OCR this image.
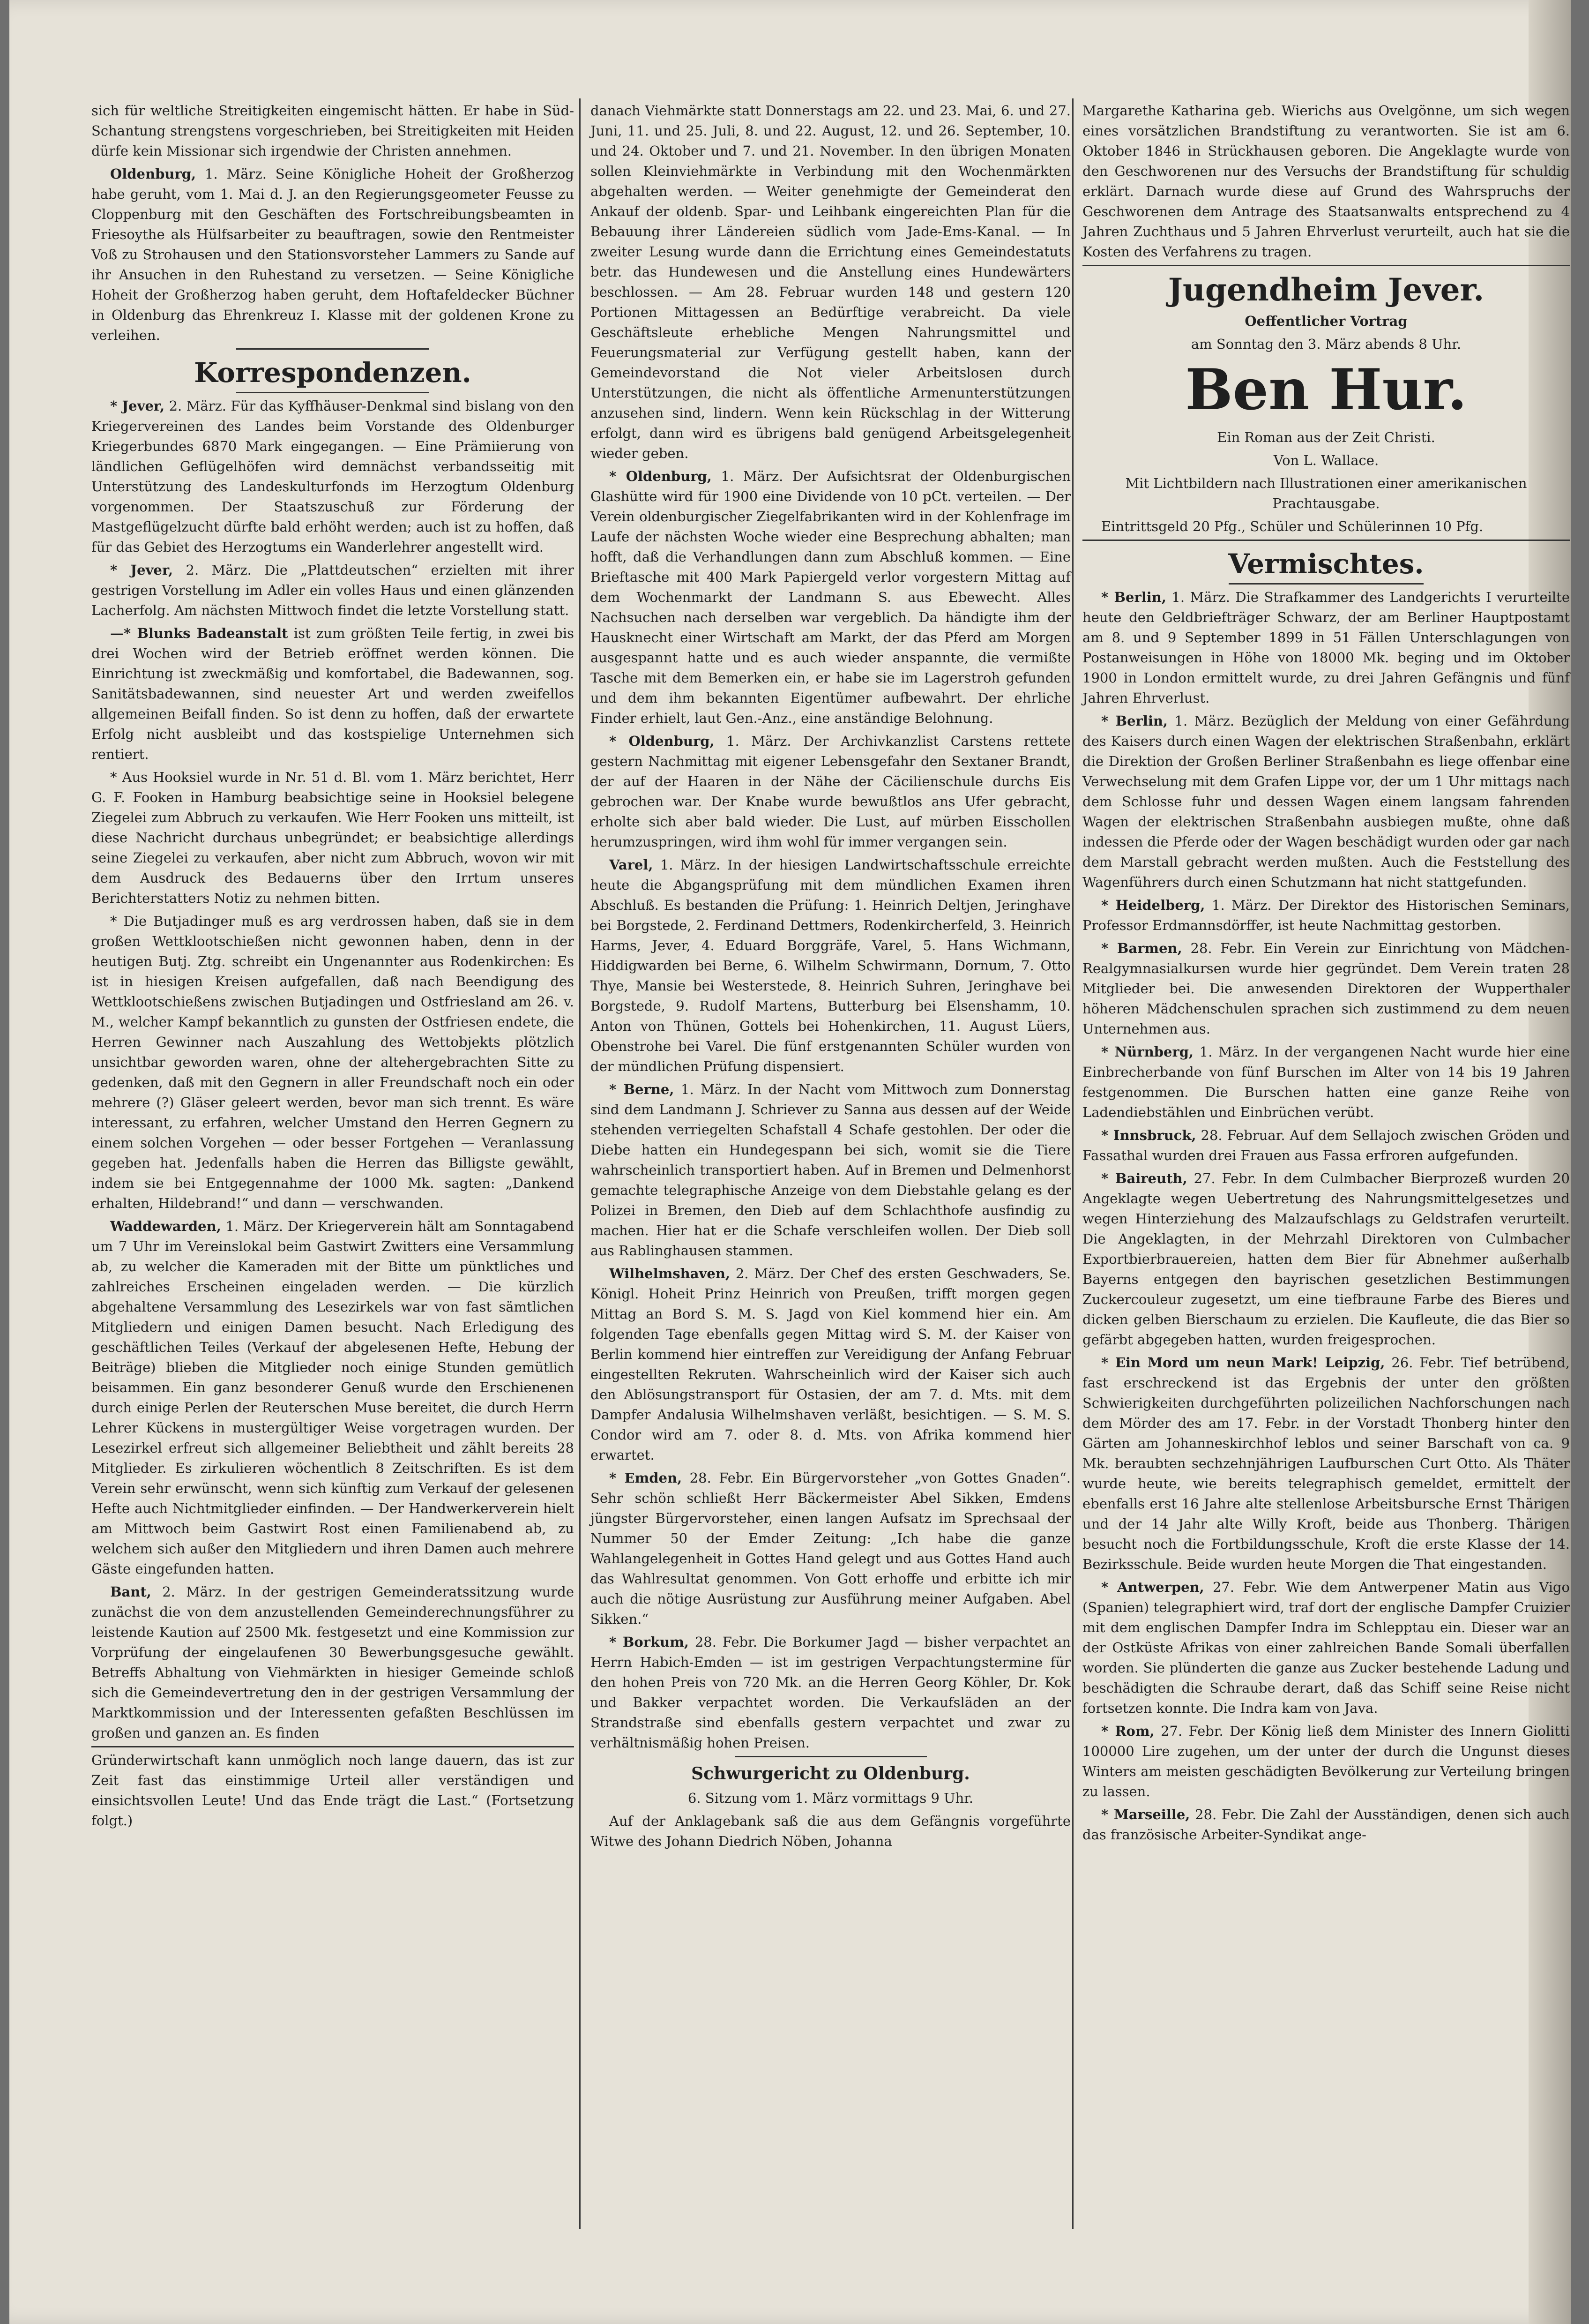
sich für weltliche Streitigkeiten eingemischt hätten. Er habe in Süd-Schantung strengstens vorgeschrieben, bei Streitigkeiten mit Heiden dürfe kein Missionar sich irgendwie der Christen annehmen.

Oldenburg, 1. März. Seine Königliche Hoheit der Großherzog habe geruht, vom 1. Mai d. J. an den Regierungsgeometer Feusse zu Cloppenburg mit den Geschäften des Fortschreibungsbeamten in Friesoythe als Hülfsarbeiter zu beauftragen, sowie den Rentmeister Voß zu Strohausen und den Stationsvorsteher Lammers zu Sande auf ihr Ansuchen in den Ruhestand zu versetzen. — Seine Königliche Hoheit der Großherzog haben geruht, dem Hoftafeldecker Büchner in Oldenburg das Ehrenkreuz I. Klasse mit der goldenen Krone zu verleihen.

Korrespondenzen.

* Jever, 2. März. Für das Kyffhäuser-Denkmal sind bislang von den Kriegervereinen des Landes beim Vorstande des Oldenburger Kriegerbundes 6870 Mark eingegangen. — Eine Prämiierung von ländlichen Geflügelhöfen wird demnächst verbandsseitig mit Unterstützung des Landeskulturfonds im Herzogtum Oldenburg vorgenommen. Der Staatszuschuß zur Förderung der Mastgeflügelzucht dürfte bald erhöht werden; auch ist zu hoffen, daß für das Gebiet des Herzogtums ein Wanderlehrer angestellt wird.

* Jever, 2. März. Die „Plattdeutschen“ erzielten mit ihrer gestrigen Vorstellung im Adler ein volles Haus und einen glänzenden Lacherfolg. Am nächsten Mittwoch findet die letzte Vorstellung statt.

—* Blunks Badeanstalt ist zum größten Teile fertig, in zwei bis drei Wochen wird der Betrieb eröffnet werden können. Die Einrichtung ist zweckmäßig und komfortabel, die Badewannen, sog. Sanitätsbadewannen, sind neuester Art und werden zweifellos allgemeinen Beifall finden. So ist denn zu hoffen, daß der erwartete Erfolg nicht ausbleibt und das kostspielige Unternehmen sich rentiert.

* Aus Hooksiel wurde in Nr. 51 d. Bl. vom 1. März berichtet, Herr G. F. Fooken in Hamburg beabsichtige seine in Hooksiel belegene Ziegelei zum Abbruch zu verkaufen. Wie Herr Fooken uns mitteilt, ist diese Nachricht durchaus unbegründet; er beabsichtige allerdings seine Ziegelei zu verkaufen, aber nicht zum Abbruch, wovon wir mit dem Ausdruck des Bedauerns über den Irrtum unseres Berichterstatters Notiz zu nehmen bitten.

* Die Butjadinger muß es arg verdrossen haben, daß sie in dem großen Wettklootschießen nicht gewonnen haben, denn in der heutigen Butj. Ztg. schreibt ein Ungenannter aus Rodenkirchen: Es ist in hiesigen Kreisen aufgefallen, daß nach Beendigung des Wettklootschießens zwischen Butjadingen und Ostfriesland am 26. v. M., welcher Kampf bekanntlich zu gunsten der Ostfriesen endete, die Herren Gewinner nach Auszahlung des Wettobjekts plötzlich unsichtbar geworden waren, ohne der altehergebrachten Sitte zu gedenken, daß mit den Gegnern in aller Freundschaft noch ein oder mehrere (?) Gläser geleert werden, bevor man sich trennt. Es wäre interessant, zu erfahren, welcher Umstand den Herren Gegnern zu einem solchen Vorgehen — oder besser Fortgehen — Veranlassung gegeben hat. Jedenfalls haben die Herren das Billigste gewählt, indem sie bei Entgegennahme der 1000 Mk. sagten: „Dankend erhalten, Hildebrand!“ und dann — verschwanden.

Waddewarden, 1. März. Der Kriegerverein hält am Sonntagabend um 7 Uhr im Vereinslokal beim Gastwirt Zwitters eine Versammlung ab, zu welcher die Kameraden mit der Bitte um pünktliches und zahlreiches Erscheinen eingeladen werden. — Die kürzlich abgehaltene Versammlung des Lesezirkels war von fast sämtlichen Mitgliedern und einigen Damen besucht. Nach Erledigung des geschäftlichen Teiles (Verkauf der abgelesenen Hefte, Hebung der Beiträge) blieben die Mitglieder noch einige Stunden gemütlich beisammen. Ein ganz besonderer Genuß wurde den Erschienenen durch einige Perlen der Reuterschen Muse bereitet, die durch Herrn Lehrer Kückens in mustergültiger Weise vorgetragen wurden. Der Lesezirkel erfreut sich allgemeiner Beliebtheit und zählt bereits 28 Mitglieder. Es zirkulieren wöchentlich 8 Zeitschriften. Es ist dem Verein sehr erwünscht, wenn sich künftig zum Verkauf der gelesenen Hefte auch Nichtmitglieder einfinden. — Der Handwerkerverein hielt am Mittwoch beim Gastwirt Rost einen Familienabend ab, zu welchem sich außer den Mitgliedern und ihren Damen auch mehrere Gäste eingefunden hatten.

Bant, 2. März. In der gestrigen Gemeinderatssitzung wurde zunächst die von dem anzustellenden Gemeinderechnungsführer zu leistende Kaution auf 2500 Mk. festgesetzt und eine Kommission zur Vorprüfung der eingelaufenen 30 Bewerbungsgesuche gewählt. Betreffs Abhaltung von Viehmärkten in hiesiger Gemeinde schloß sich die Gemeindevertretung den in der gestrigen Versammlung der Marktkommission und der Interessenten gefaßten Beschlüssen im großen und ganzen an. Es finden

Gründerwirtschaft kann unmöglich noch lange dauern, das ist zur Zeit fast das einstimmige Urteil aller verständigen und einsichtsvollen Leute! Und das Ende trägt die Last.“ (Fortsetzung folgt.)

danach Viehmärkte statt Donnerstags am 22. und 23. Mai, 6. und 27. Juni, 11. und 25. Juli, 8. und 22. August, 12. und 26. September, 10. und 24. Oktober und 7. und 21. November. In den übrigen Monaten sollen Kleinviehmärkte in Verbindung mit den Wochenmärkten abgehalten werden. — Weiter genehmigte der Gemeinderat den Ankauf der oldenb. Spar- und Leihbank eingereichten Plan für die Bebauung ihrer Ländereien südlich vom Jade-Ems-Kanal. — In zweiter Lesung wurde dann die Errichtung eines Gemeindestatuts betr. das Hundewesen und die Anstellung eines Hundewärters beschlossen. — Am 28. Februar wurden 148 und gestern 120 Portionen Mittagessen an Bedürftige verabreicht. Da viele Geschäftsleute erhebliche Mengen Nahrungsmittel und Feuerungsmaterial zur Verfügung gestellt haben, kann der Gemeindevorstand die Not vieler Arbeitslosen durch Unterstützungen, die nicht als öffentliche Armenunterstützungen anzusehen sind, lindern. Wenn kein Rückschlag in der Witterung erfolgt, dann wird es übrigens bald genügend Arbeitsgelegenheit wieder geben.

* Oldenburg, 1. März. Der Aufsichtsrat der Oldenburgischen Glashütte wird für 1900 eine Dividende von 10 pCt. verteilen. — Der Verein oldenburgischer Ziegelfabrikanten wird in der Kohlenfrage im Laufe der nächsten Woche wieder eine Besprechung abhalten; man hofft, daß die Verhandlungen dann zum Abschluß kommen. — Eine Brieftasche mit 400 Mark Papiergeld verlor vorgestern Mittag auf dem Wochenmarkt der Landmann S. aus Ebewecht. Alles Nachsuchen nach derselben war vergeblich. Da händigte ihm der Hausknecht einer Wirtschaft am Markt, der das Pferd am Morgen ausgespannt hatte und es auch wieder anspannte, die vermißte Tasche mit dem Bemerken ein, er habe sie im Lagerstroh gefunden und dem ihm bekannten Eigentümer aufbewahrt. Der ehrliche Finder erhielt, laut Gen.-Anz., eine anständige Belohnung.

* Oldenburg, 1. März. Der Archivkanzlist Carstens rettete gestern Nachmittag mit eigener Lebensgefahr den Sextaner Brandt, der auf der Haaren in der Nähe der Cäcilienschule durchs Eis gebrochen war. Der Knabe wurde bewußtlos ans Ufer gebracht, erholte sich aber bald wieder. Die Lust, auf mürben Eisschollen herumzuspringen, wird ihm wohl für immer vergangen sein.

Varel, 1. März. In der hiesigen Landwirtschaftsschule erreichte heute die Abgangsprüfung mit dem mündlichen Examen ihren Abschluß. Es bestanden die Prüfung: 1. Heinrich Deltjen, Jeringhave bei Borgstede, 2. Ferdinand Dettmers, Rodenkircherfeld, 3. Heinrich Harms, Jever, 4. Eduard Borggräfe, Varel, 5. Hans Wichmann, Hiddigwarden bei Berne, 6. Wilhelm Schwirmann, Dornum, 7. Otto Thye, Mansie bei Westerstede, 8. Heinrich Suhren, Jeringhave bei Borgstede, 9. Rudolf Martens, Butterburg bei Elsenshamm, 10. Anton von Thünen, Gottels bei Hohenkirchen, 11. August Lüers, Obenstrohe bei Varel. Die fünf erstgenannten Schüler wurden von der mündlichen Prüfung dispensiert.

* Berne, 1. März. In der Nacht vom Mittwoch zum Donnerstag sind dem Landmann J. Schriever zu Sanna aus dessen auf der Weide stehenden verriegelten Schafstall 4 Schafe gestohlen. Der oder die Diebe hatten ein Hundegespann bei sich, womit sie die Tiere wahrscheinlich transportiert haben. Auf in Bremen und Delmenhorst gemachte telegraphische Anzeige von dem Diebstahle gelang es der Polizei in Bremen, den Dieb auf dem Schlachthofe ausfindig zu machen. Hier hat er die Schafe verschleifen wollen. Der Dieb soll aus Rablinghausen stammen.

Wilhelmshaven, 2. März. Der Chef des ersten Geschwaders, Se. Königl. Hoheit Prinz Heinrich von Preußen, trifft morgen gegen Mittag an Bord S. M. S. Jagd von Kiel kommend hier ein. Am folgenden Tage ebenfalls gegen Mittag wird S. M. der Kaiser von Berlin kommend hier eintreffen zur Vereidigung der Anfang Februar eingestellten Rekruten. Wahrscheinlich wird der Kaiser sich auch den Ablösungstransport für Ostasien, der am 7. d. Mts. mit dem Dampfer Andalusia Wilhelmshaven verläßt, besichtigen. — S. M. S. Condor wird am 7. oder 8. d. Mts. von Afrika kommend hier erwartet.

* Emden, 28. Febr. Ein Bürgervorsteher „von Gottes Gnaden“. Sehr schön schließt Herr Bäckermeister Abel Sikken, Emdens jüngster Bürgervorsteher, einen langen Aufsatz im Sprechsaal der Nummer 50 der Emder Zeitung: „Ich habe die ganze Wahlangelegenheit in Gottes Hand gelegt und aus Gottes Hand auch das Wahlresultat genommen. Von Gott erhoffe und erbitte ich mir auch die nötige Ausrüstung zur Ausführung meiner Aufgaben. Abel Sikken.“

* Borkum, 28. Febr. Die Borkumer Jagd — bisher verpachtet an Herrn Habich-Emden — ist im gestrigen Verpachtungstermine für den hohen Preis von 720 Mk. an die Herren Georg Köhler, Dr. Kok und Bakker verpachtet worden. Die Verkaufsläden an der Strandstraße sind ebenfalls gestern verpachtet und zwar zu verhältnismäßig hohen Preisen.

Schwurgericht zu Oldenburg.

6. Sitzung vom 1. März vormittags 9 Uhr.

Auf der Anklagebank saß die aus dem Gefängnis vorgeführte Witwe des Johann Diedrich Nöben, Johanna

Margarethe Katharina geb. Wierichs aus Ovelgönne, um sich wegen eines vorsätzlichen Brandstiftung zu verantworten. Sie ist am 6. Oktober 1846 in Strückhausen geboren. Die Angeklagte wurde von den Geschworenen nur des Versuchs der Brandstiftung für schuldig erklärt. Darnach wurde diese auf Grund des Wahrspruchs der Geschworenen dem Antrage des Staatsanwalts entsprechend zu 4 Jahren Zuchthaus und 5 Jahren Ehrverlust verurteilt, auch hat sie die Kosten des Verfahrens zu tragen.

Jugendheim Jever.

Oeffentlicher Vortrag

am Sonntag den 3. März abends 8 Uhr.

Ben Hur.

Ein Roman aus der Zeit Christi.

Von L. Wallace.

Mit Lichtbildern nach Illustrationen einer amerikanischen Prachtausgabe.

Eintrittsgeld 20 Pfg., Schüler und Schülerinnen 10 Pfg.

Vermischtes.

* Berlin, 1. März. Die Strafkammer des Landgerichts I verurteilte heute den Geldbriefträger Schwarz, der am Berliner Hauptpostamt am 8. und 9 September 1899 in 51 Fällen Unterschlagungen von Postanweisungen in Höhe von 18000 Mk. beging und im Oktober 1900 in London ermittelt wurde, zu drei Jahren Gefängnis und fünf Jahren Ehrverlust.

* Berlin, 1. März. Bezüglich der Meldung von einer Gefährdung des Kaisers durch einen Wagen der elektrischen Straßenbahn, erklärt die Direktion der Großen Berliner Straßenbahn es liege offenbar eine Verwechselung mit dem Grafen Lippe vor, der um 1 Uhr mittags nach dem Schlosse fuhr und dessen Wagen einem langsam fahrenden Wagen der elektrischen Straßenbahn ausbiegen mußte, ohne daß indessen die Pferde oder der Wagen beschädigt wurden oder gar nach dem Marstall gebracht werden mußten. Auch die Feststellung des Wagenführers durch einen Schutzmann hat nicht stattgefunden.

* Heidelberg, 1. März. Der Direktor des Historischen Seminars, Professor Erdmannsdörffer, ist heute Nachmittag gestorben.

* Barmen, 28. Febr. Ein Verein zur Einrichtung von Mädchen-Realgymnasialkursen wurde hier gegründet. Dem Verein traten 28 Mitglieder bei. Die anwesenden Direktoren der Wupperthaler höheren Mädchenschulen sprachen sich zustimmend zu dem neuen Unternehmen aus.

* Nürnberg, 1. März. In der vergangenen Nacht wurde hier eine Einbrecherbande von fünf Burschen im Alter von 14 bis 19 Jahren festgenommen. Die Burschen hatten eine ganze Reihe von Ladendiebstählen und Einbrüchen verübt.

* Innsbruck, 28. Februar. Auf dem Sellajoch zwischen Gröden und Fassathal wurden drei Frauen aus Fassa erfroren aufgefunden.

* Baireuth, 27. Febr. In dem Culmbacher Bierprozeß wurden 20 Angeklagte wegen Uebertretung des Nahrungsmittelgesetzes und wegen Hinterziehung des Malzaufschlags zu Geldstrafen verurteilt. Die Angeklagten, in der Mehrzahl Direktoren von Culmbacher Exportbierbrauereien, hatten dem Bier für Abnehmer außerhalb Bayerns entgegen den bayrischen gesetzlichen Bestimmungen Zuckercouleur zugesetzt, um eine tiefbraune Farbe des Bieres und dicken gelben Bierschaum zu erzielen. Die Kaufleute, die das Bier so gefärbt abgegeben hatten, wurden freigesprochen.

* Ein Mord um neun Mark! Leipzig, 26. Febr. Tief betrübend, fast erschreckend ist das Ergebnis der unter den größten Schwierigkeiten durchgeführten polizeilichen Nachforschungen nach dem Mörder des am 17. Febr. in der Vorstadt Thonberg hinter den Gärten am Johanneskirchhof leblos und seiner Barschaft von ca. 9 Mk. beraubten sechzehnjährigen Laufburschen Curt Otto. Als Thäter wurde heute, wie bereits telegraphisch gemeldet, ermittelt der ebenfalls erst 16 Jahre alte stellenlose Arbeitsbursche Ernst Thärigen und der 14 Jahr alte Willy Kroft, beide aus Thonberg. Thärigen besucht noch die Fortbildungsschule, Kroft die erste Klasse der 14. Bezirksschule. Beide wurden heute Morgen die That eingestanden.

* Antwerpen, 27. Febr. Wie dem Antwerpener Matin aus Vigo (Spanien) telegraphiert wird, traf dort der englische Dampfer Cruizier mit dem englischen Dampfer Indra im Schlepptau ein. Dieser war an der Ostküste Afrikas von einer zahlreichen Bande Somali überfallen worden. Sie plünderten die ganze aus Zucker bestehende Ladung und beschädigten die Schraube derart, daß das Schiff seine Reise nicht fortsetzen konnte. Die Indra kam von Java.

* Rom, 27. Febr. Der König ließ dem Minister des Innern Giolitti 100000 Lire zugehen, um der unter der durch die Ungunst dieses Winters am meisten geschädigten Bevölkerung zur Verteilung bringen zu lassen.

* Marseille, 28. Febr. Die Zahl der Ausständigen, denen sich auch das französische Arbeiter-Syndikat ange-
